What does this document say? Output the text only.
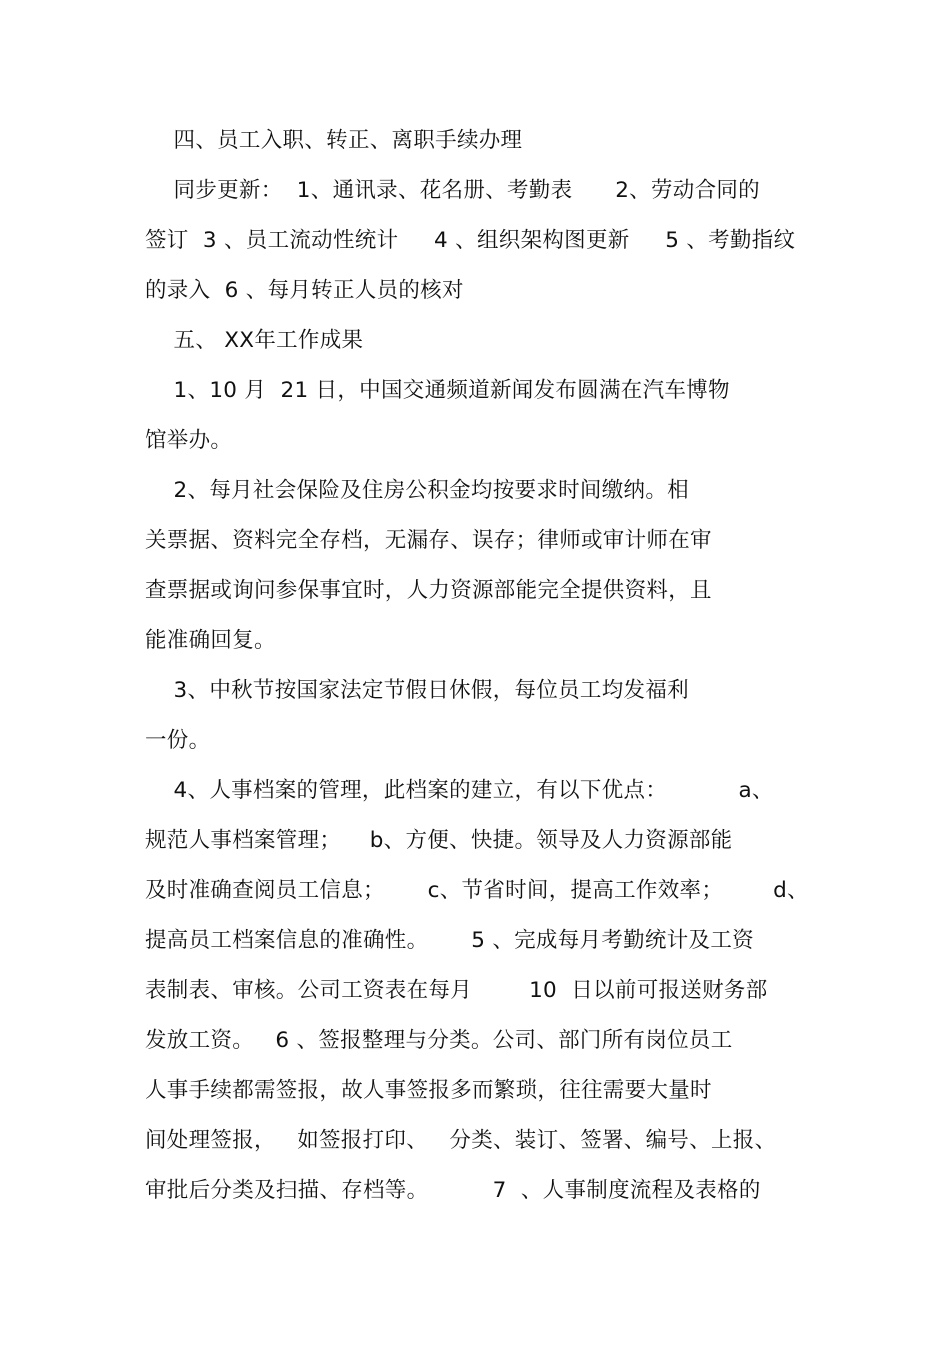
四、员工入职、转正、离职手续办理
同步更新：  1、通讯录、花名册、考勤表      2、劳动合同的
签订  3 、员工流动性统计     4 、组织架构图更新     5 、考勤指纹
的录入  6 、每月转正人员的核对
五、 XX年工作成果
1、10 月  21 日，中国交通频道新闻发布圆满在汽车博物
馆举办。
2、每月社会保险及住房公积金均按要求时间缴纳。相
关票据、资料完全存档，无漏存、误存；律师或审计师在审
查票据或询问参保事宜时，人力资源部能完全提供资料，且
能准确回复。
3、中秋节按国家法定节假日休假，每位员工均发福利
一份。
4、人事档案的管理，此档案的建立，有以下优点：          a、
规范人事档案管理；    b、方便、快捷。领导及人力资源部能
及时准确查阅员工信息；      c、节省时间，提高工作效率；       d、
提高员工档案信息的准确性。      5 、完成每月考勤统计及工资
表制表、审核。公司工资表在每月        10  日以前可报送财务部
发放工资。   6 、签报整理与分类。公司、部门所有岗位员工
人事手续都需签报，故人事签报多而繁琐，往往需要大量时
间处理签报，   如签报打印、   分类、装订、签署、编号、上报、
审批后分类及扫描、存档等。         7  、人事制度流程及表格的
